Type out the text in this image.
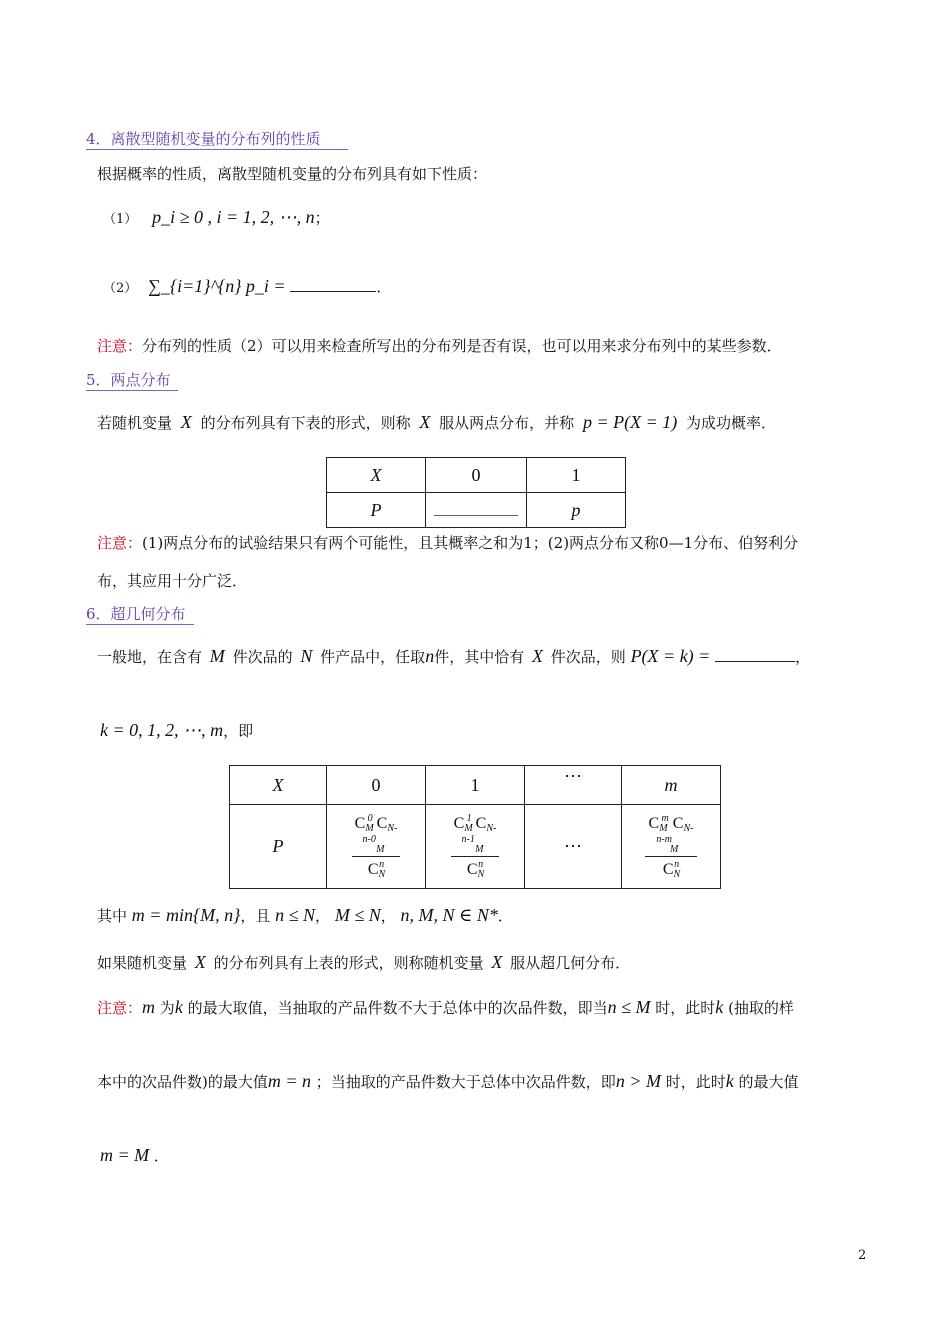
4．离散型随机变量的分布列的性质
根据概率的性质，离散型随机变量的分布列具有如下性质：
（1） p_i ≥ 0 , i = 1, 2, ⋯, n；
（2） ∑_{i=1}^{n} p_i =	．
注意：分布列的性质（2）可以用来检查所写出的分布列是否有误，也可以用来求分布列中的某些参数．
5．两点分布
若随机变量 X 的分布列具有下表的形式，则称 X 服从两点分布，并称 p = P(X = 1) 为成功概率．
X	0	1
P		p
注意：(1)两点分布的试验结果只有两个可能性，且其概率之和为1；(2)两点分布又称0—1分布、伯努利分
布，其应用十分广泛．
6．超几何分布
一般地，在含有 M 件次品的 N 件产品中，任取n件，其中恰有 X 件次品，则 P(X = k) =	，
k = 0, 1, 2, ⋯, m，即
X	0	1	⋯	m
P	$\frac{C_M^0 C_{N-M}^{n-0}}{C_N^n}$	$\frac{C_M^1 C_{N-M}^{n-1}}{C_N^n}$	⋯	$\frac{C_M^m C_{N-M}^{n-m}}{C_N^n}$
其中 m = min{M, n}，且 n ≤ N， M ≤ N， n, M, N ∈ N*．
如果随机变量 X 的分布列具有上表的形式，则称随机变量 X 服从超几何分布．
注意：m 为k 的最大取值，当抽取的产品件数不大于总体中的次品件数，即当n ≤ M 时，此时k (抽取的样
本中的次品件数)的最大值m = n ；当抽取的产品件数大于总体中次品件数，即n > M 时，此时k 的最大值
m = M ．
2
